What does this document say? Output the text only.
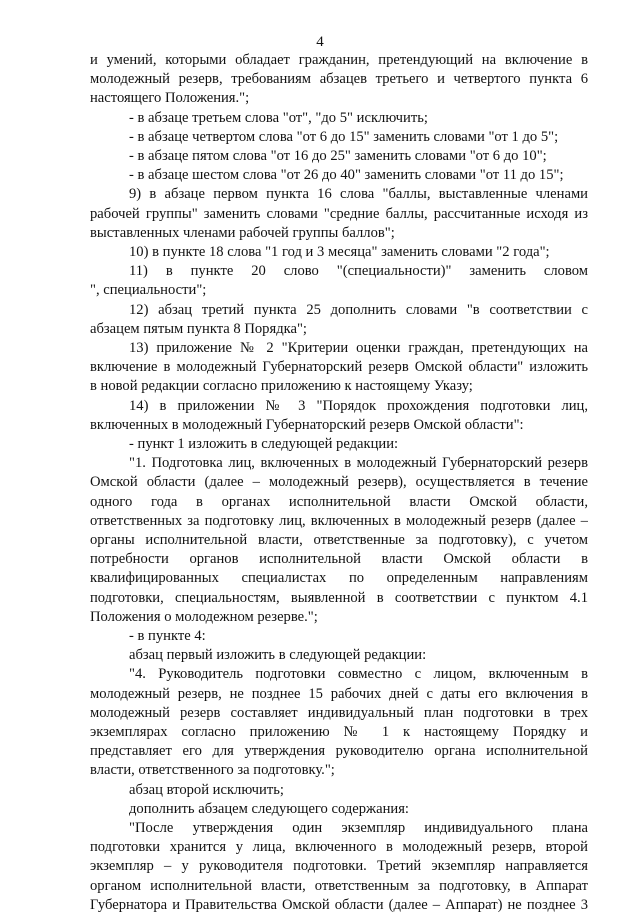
4
и умений, которыми обладает гражданин, претендующий на включение в
молодежный резерв, требованиям абзацев третьего и четвертого пункта 6
настоящего Положения.";
- в абзаце третьем слова "от", "до 5" исключить;
- в абзаце четвертом слова "от 6 до 15" заменить словами "от 1 до 5";
- в абзаце пятом слова "от 16 до 25" заменить словами "от 6 до 10";
- в абзаце шестом слова "от 26 до 40" заменить словами "от 11 до 15";
9) в абзаце первом пункта 16 слова "баллы, выставленные членами
рабочей группы" заменить словами "средние баллы, рассчитанные исходя из
выставленных членами рабочей группы баллов";
10) в пункте 18 слова "1 год и 3 месяца" заменить словами "2 года";
11) в пункте 20 слово "(специальности)" заменить словом
", специальности";
12) абзац третий пункта 25 дополнить словами "в соответствии с
абзацем пятым пункта 8 Порядка";
13) приложение № 2 "Критерии оценки граждан, претендующих на
включение в молодежный Губернаторский резерв Омской области" изложить
в новой редакции согласно приложению к настоящему Указу;
14) в приложении № 3 "Порядок прохождения подготовки лиц,
включенных в молодежный Губернаторский резерв Омской области":
- пункт 1 изложить в следующей редакции:
"1. Подготовка лиц, включенных в молодежный Губернаторский резерв
Омской области (далее – молодежный резерв), осуществляется в течение
одного года в органах исполнительной власти Омской области,
ответственных за подготовку лиц, включенных в молодежный резерв (далее –
органы исполнительной власти, ответственные за подготовку), с учетом
потребности органов исполнительной власти Омской области в
квалифицированных специалистах по определенным направлениям
подготовки, специальностям, выявленной в соответствии с пунктом 4.1
Положения о молодежном резерве.";
- в пункте 4:
абзац первый изложить в следующей редакции:
"4. Руководитель подготовки совместно с лицом, включенным в
молодежный резерв, не позднее 15 рабочих дней с даты его включения в
молодежный резерв составляет индивидуальный план подготовки в трех
экземплярах согласно приложению № 1 к настоящему Порядку и
представляет его для утверждения руководителю органа исполнительной
власти, ответственного за подготовку.";
абзац второй исключить;
дополнить абзацем следующего содержания:
"После утверждения один экземпляр индивидуального плана
подготовки хранится у лица, включенного в молодежный резерв, второй
экземпляр – у руководителя подготовки. Третий экземпляр направляется
органом исполнительной власти, ответственным за подготовку, в Аппарат
Губернатора и Правительства Омской области (далее – Аппарат) не позднее 3
